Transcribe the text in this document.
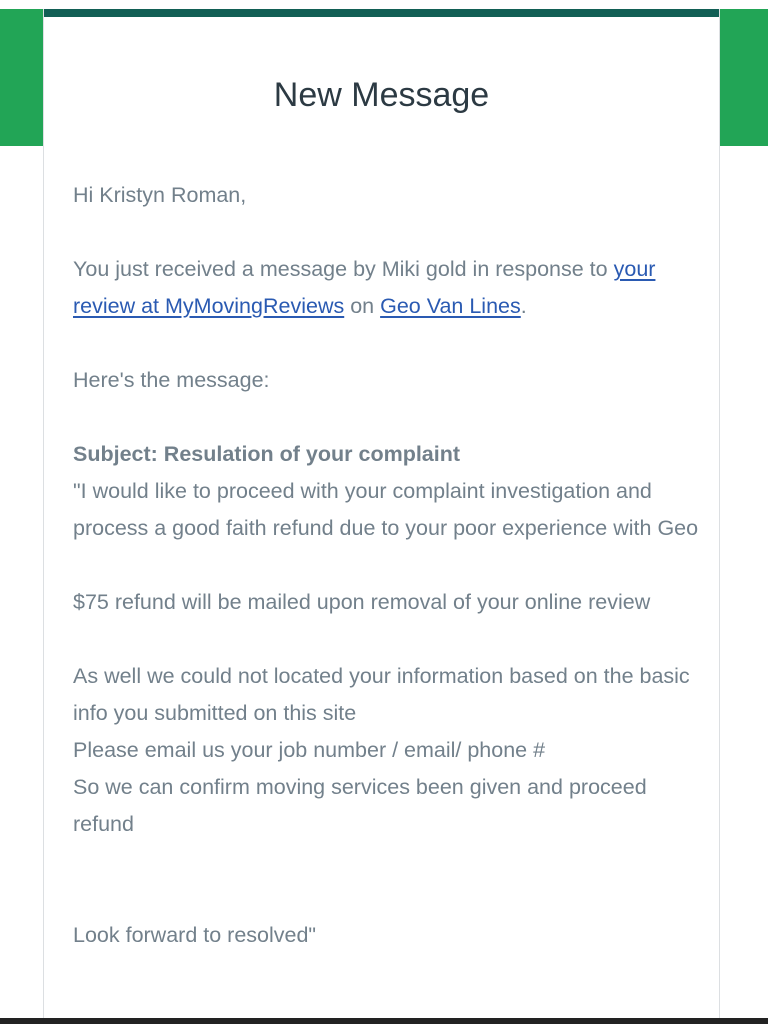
New Message

Hi Kristyn Roman,

You just received a message by Miki gold in response to your review at MyMovingReviews on Geo Van Lines.

Here's the message:

Subject: Resulation of your complaint

"I would like to proceed with your complaint investigation and process a good faith refund due to your poor experience with Geo

$75 refund will be mailed upon removal of your online review

As well we could not located your information based on the basic info you submitted on this site

Please email us your job number / email/ phone #

So we can confirm moving services been given and proceed refund

Look forward to resolved"
